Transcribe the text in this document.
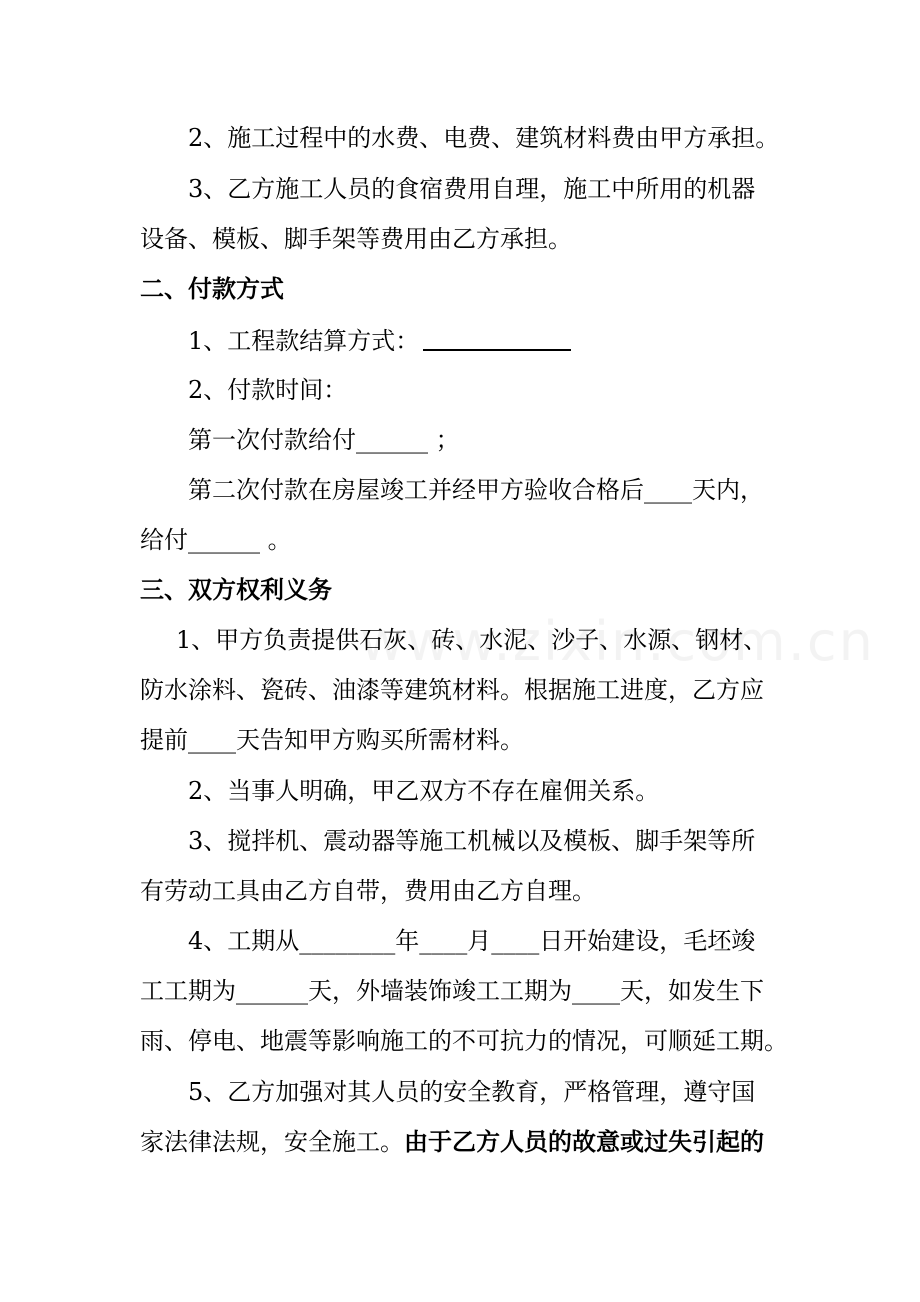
2、施工过程中的水费、电费、建筑材料费由甲方承担。
3、乙方施工人员的食宿费用自理，施工中所用的机器
设备、模板、脚手架等费用由乙方承担。
二、付款方式
1、工程款结算方式：
2、付款时间：
第一次付款给付______ ；
第二次付款在房屋竣工并经甲方验收合格后____天内，
给付______ 。
三、双方权利义务
1、甲方负责提供石灰、砖、水泥、沙子、水源、钢材、
防水涂料、瓷砖、油漆等建筑材料。根据施工进度，乙方应
提前____天告知甲方购买所需材料。
2、当事人明确，甲乙双方不存在雇佣关系。
3、搅拌机、震动器等施工机械以及模板、脚手架等所
有劳动工具由乙方自带，费用由乙方自理。
4、工期从________年____月____日开始建设，毛坯竣
工工期为______天，外墙装饰竣工工期为____天，如发生下
雨、停电、地震等影响施工的不可抗力的情况，可顺延工期。
5、乙方加强对其人员的安全教育，严格管理，遵守国
家法律法规，安全施工。由于乙方人员的故意或过失引起的
